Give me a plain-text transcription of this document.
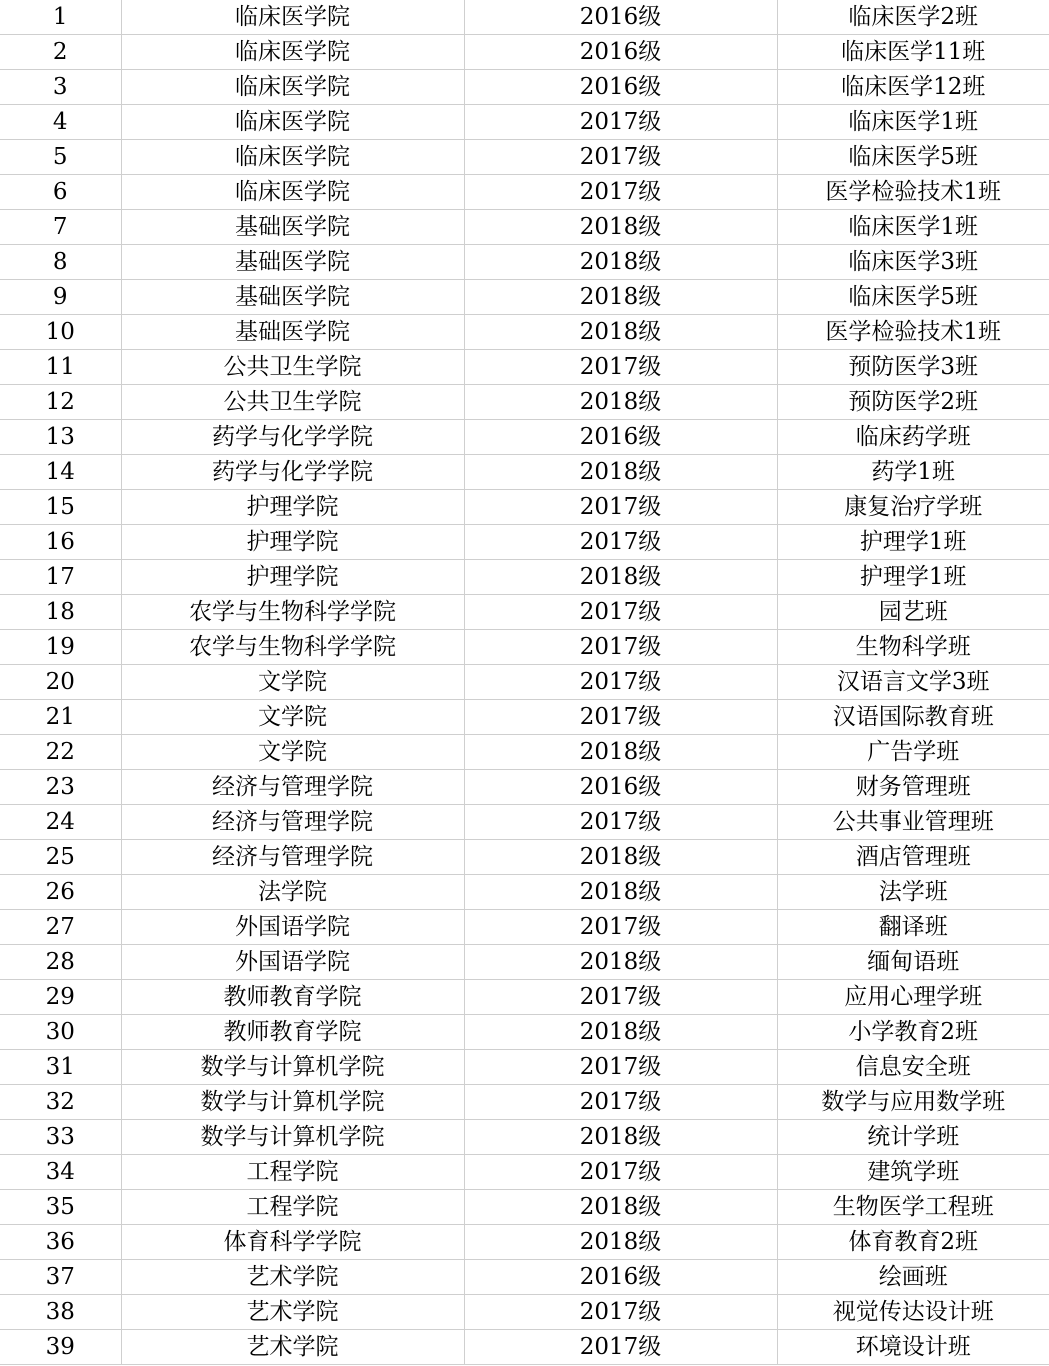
1	临床医学院	2016级	临床医学2班
2	临床医学院	2016级	临床医学11班
3	临床医学院	2016级	临床医学12班
4	临床医学院	2017级	临床医学1班
5	临床医学院	2017级	临床医学5班
6	临床医学院	2017级	医学检验技术1班
7	基础医学院	2018级	临床医学1班
8	基础医学院	2018级	临床医学3班
9	基础医学院	2018级	临床医学5班
10	基础医学院	2018级	医学检验技术1班
11	公共卫生学院	2017级	预防医学3班
12	公共卫生学院	2018级	预防医学2班
13	药学与化学学院	2016级	临床药学班
14	药学与化学学院	2018级	药学1班
15	护理学院	2017级	康复治疗学班
16	护理学院	2017级	护理学1班
17	护理学院	2018级	护理学1班
18	农学与生物科学学院	2017级	园艺班
19	农学与生物科学学院	2017级	生物科学班
20	文学院	2017级	汉语言文学3班
21	文学院	2017级	汉语国际教育班
22	文学院	2018级	广告学班
23	经济与管理学院	2016级	财务管理班
24	经济与管理学院	2017级	公共事业管理班
25	经济与管理学院	2018级	酒店管理班
26	法学院	2018级	法学班
27	外国语学院	2017级	翻译班
28	外国语学院	2018级	缅甸语班
29	教师教育学院	2017级	应用心理学班
30	教师教育学院	2018级	小学教育2班
31	数学与计算机学院	2017级	信息安全班
32	数学与计算机学院	2017级	数学与应用数学班
33	数学与计算机学院	2018级	统计学班
34	工程学院	2017级	建筑学班
35	工程学院	2018级	生物医学工程班
36	体育科学学院	2018级	体育教育2班
37	艺术学院	2016级	绘画班
38	艺术学院	2017级	视觉传达设计班
39	艺术学院	2017级	环境设计班
